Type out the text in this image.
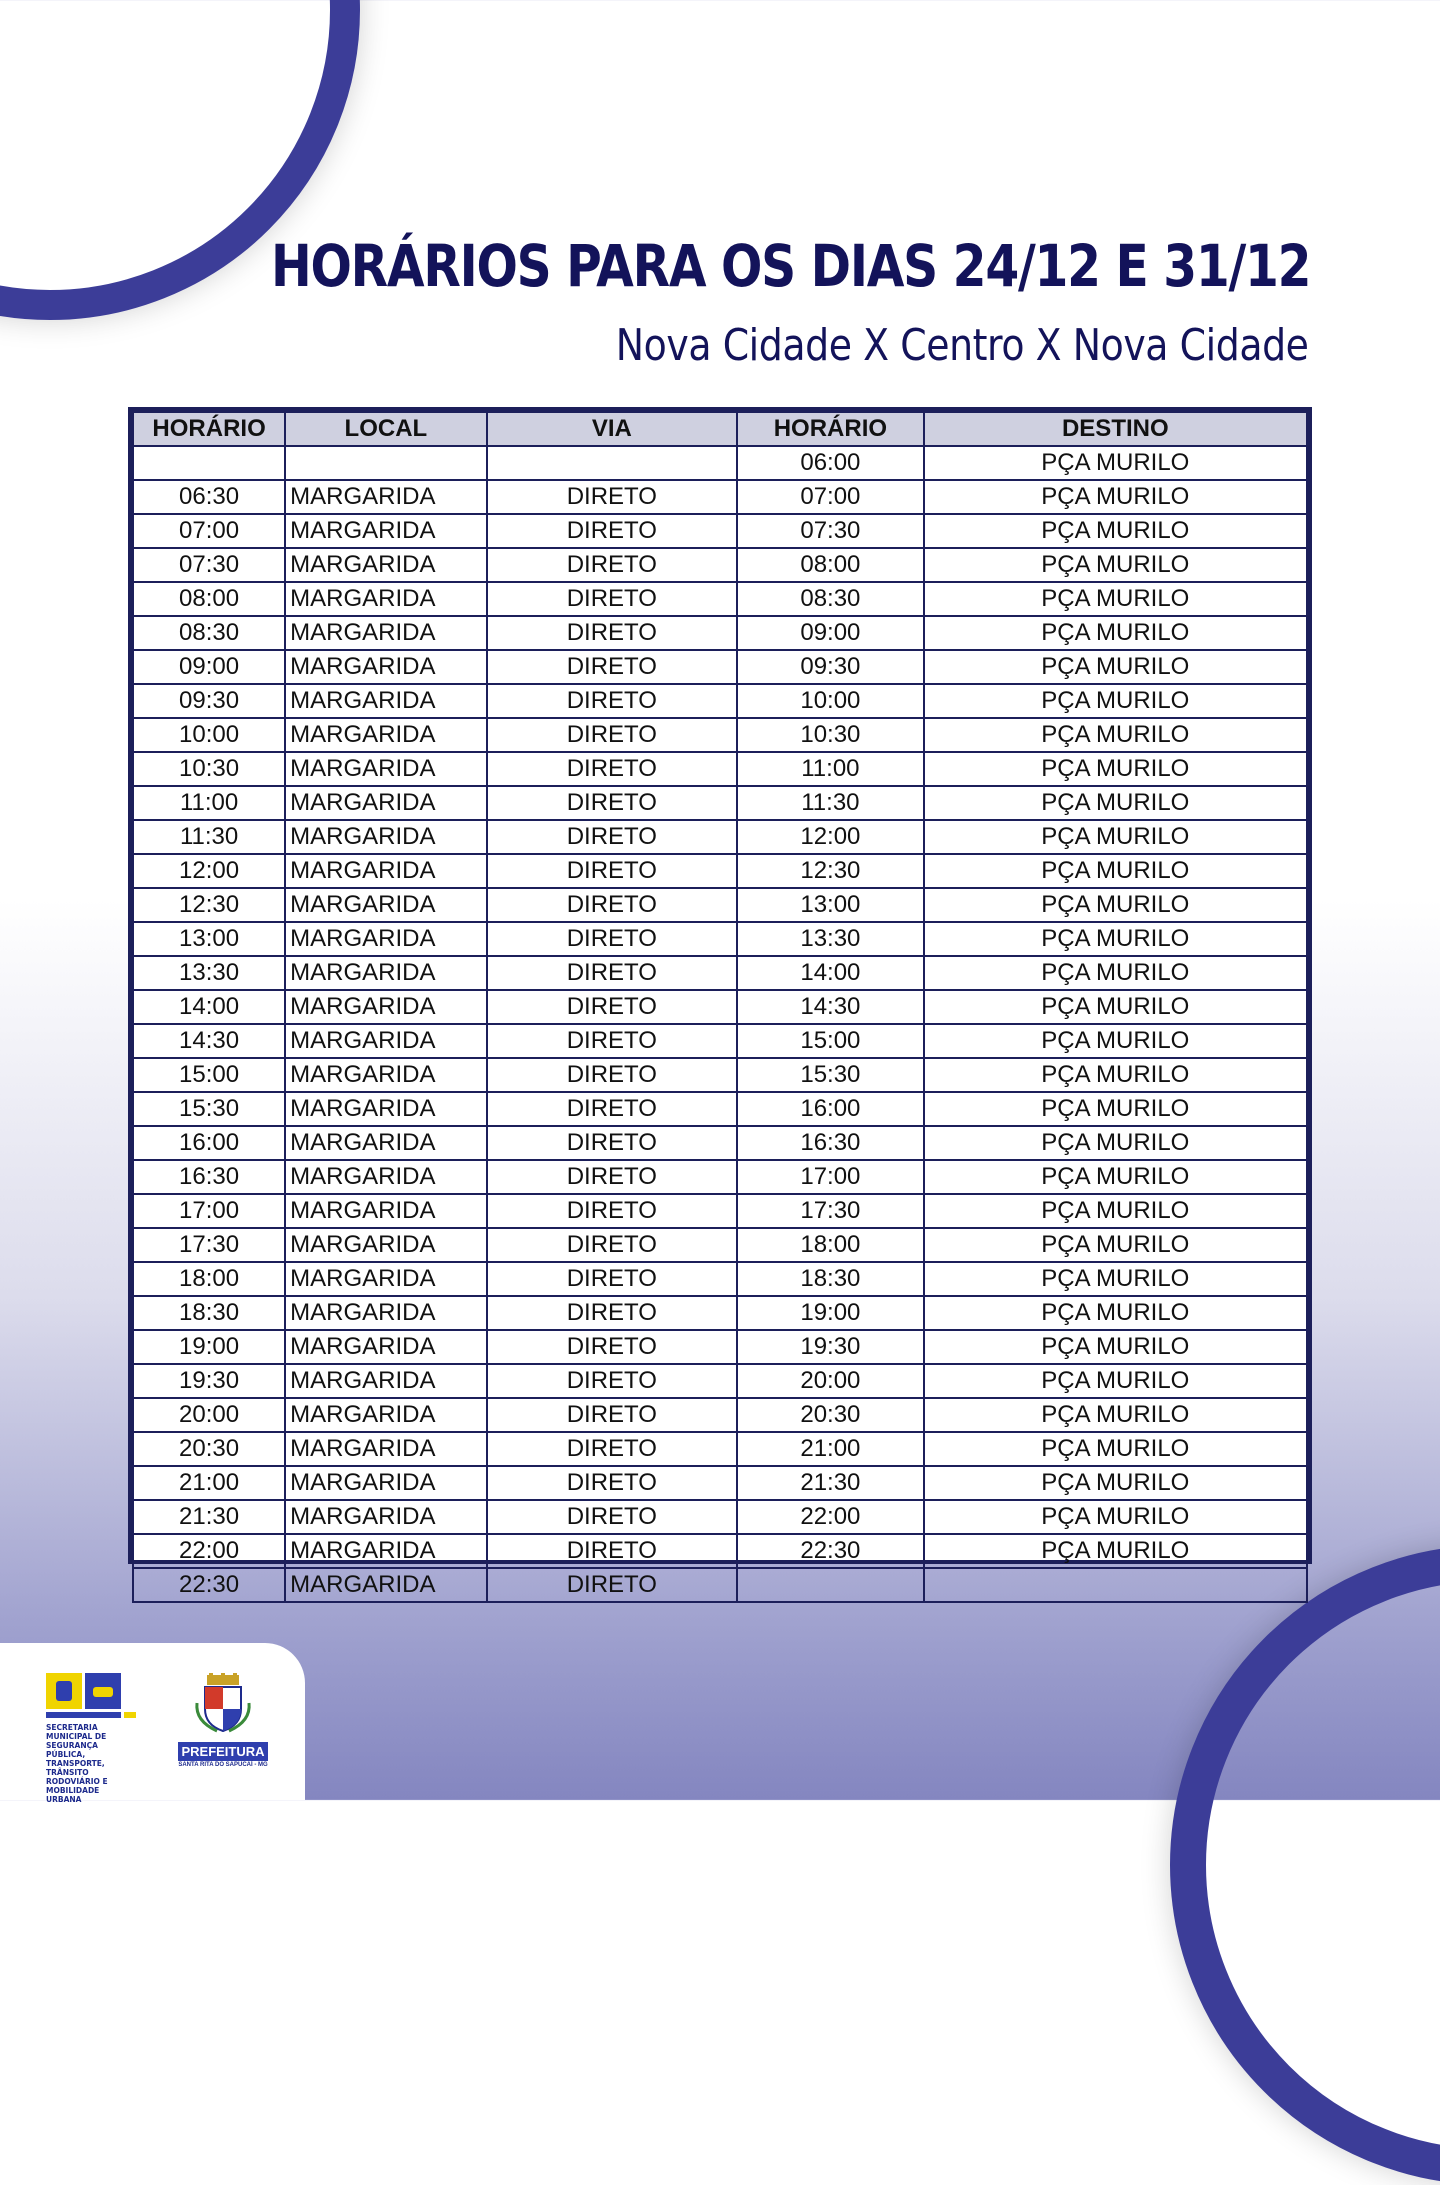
HORÁRIOS PARA OS DIAS 24/12 E 31/12
Nova Cidade X Centro X Nova Cidade
HORÁRIO	LOCAL	VIA	HORÁRIO	DESTINO
			06:00	PÇA MURILO
06:30	MARGARIDA	DIRETO	07:00	PÇA MURILO
07:00	MARGARIDA	DIRETO	07:30	PÇA MURILO
07:30	MARGARIDA	DIRETO	08:00	PÇA MURILO
08:00	MARGARIDA	DIRETO	08:30	PÇA MURILO
08:30	MARGARIDA	DIRETO	09:00	PÇA MURILO
09:00	MARGARIDA	DIRETO	09:30	PÇA MURILO
09:30	MARGARIDA	DIRETO	10:00	PÇA MURILO
10:00	MARGARIDA	DIRETO	10:30	PÇA MURILO
10:30	MARGARIDA	DIRETO	11:00	PÇA MURILO
11:00	MARGARIDA	DIRETO	11:30	PÇA MURILO
11:30	MARGARIDA	DIRETO	12:00	PÇA MURILO
12:00	MARGARIDA	DIRETO	12:30	PÇA MURILO
12:30	MARGARIDA	DIRETO	13:00	PÇA MURILO
13:00	MARGARIDA	DIRETO	13:30	PÇA MURILO
13:30	MARGARIDA	DIRETO	14:00	PÇA MURILO
14:00	MARGARIDA	DIRETO	14:30	PÇA MURILO
14:30	MARGARIDA	DIRETO	15:00	PÇA MURILO
15:00	MARGARIDA	DIRETO	15:30	PÇA MURILO
15:30	MARGARIDA	DIRETO	16:00	PÇA MURILO
16:00	MARGARIDA	DIRETO	16:30	PÇA MURILO
16:30	MARGARIDA	DIRETO	17:00	PÇA MURILO
17:00	MARGARIDA	DIRETO	17:30	PÇA MURILO
17:30	MARGARIDA	DIRETO	18:00	PÇA MURILO
18:00	MARGARIDA	DIRETO	18:30	PÇA MURILO
18:30	MARGARIDA	DIRETO	19:00	PÇA MURILO
19:00	MARGARIDA	DIRETO	19:30	PÇA MURILO
19:30	MARGARIDA	DIRETO	20:00	PÇA MURILO
20:00	MARGARIDA	DIRETO	20:30	PÇA MURILO
20:30	MARGARIDA	DIRETO	21:00	PÇA MURILO
21:00	MARGARIDA	DIRETO	21:30	PÇA MURILO
21:30	MARGARIDA	DIRETO	22:00	PÇA MURILO
22:00	MARGARIDA	DIRETO	22:30	PÇA MURILO
22:30	MARGARIDA	DIRETO		
SECRETARIA MUNICIPAL DE SEGURANÇA PÚBLICA, TRANSPORTE, TRÂNSITO RODOVIÁRIO E MOBILIDADE URBANA
PREFEITURA
SANTA RITA DO SAPUCAÍ - MG
